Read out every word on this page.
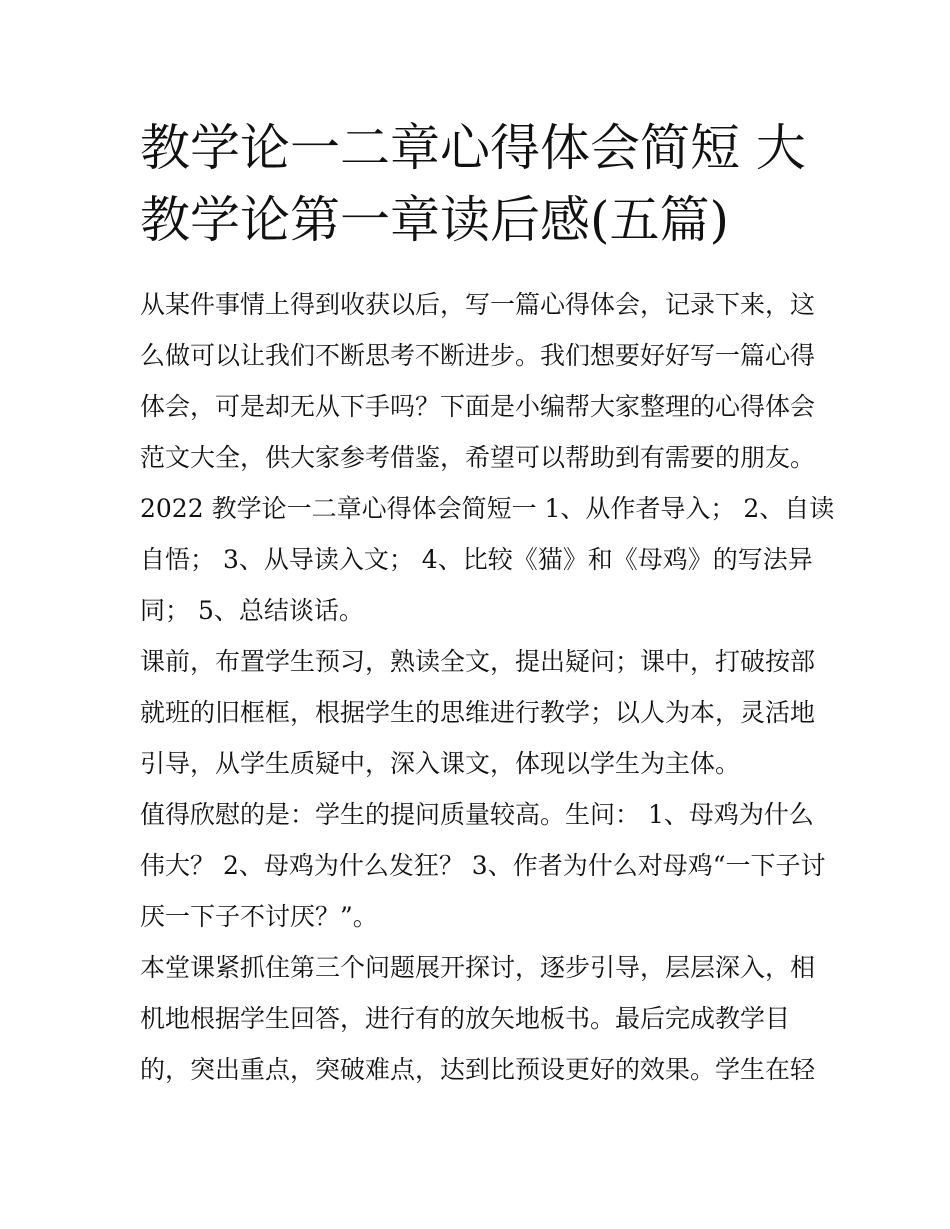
教学论一二章心得体会简短 大
教学论第一章读后感(五篇)
从某件事情上得到收获以后，写一篇心得体会，记录下来，这
么做可以让我们不断思考不断进步。我们想要好好写一篇心得
体会，可是却无从下手吗？下面是小编帮大家整理的心得体会
范文大全，供大家参考借鉴，希望可以帮助到有需要的朋友。
2022 教学论一二章心得体会简短一 1、从作者导入； 2、自读
自悟； 3、从导读入文； 4、比较《猫》和《母鸡》的写法异
同； 5、总结谈话。
课前，布置学生预习，熟读全文，提出疑问；课中，打破按部
就班的旧框框，根据学生的思维进行教学；以人为本，灵活地
引导，从学生质疑中，深入课文，体现以学生为主体。
值得欣慰的是：学生的提问质量较高。生问： 1、母鸡为什么
伟大？ 2、母鸡为什么发狂？ 3、作者为什么对母鸡“一下子讨
厌一下子不讨厌？”。
本堂课紧抓住第三个问题展开探讨，逐步引导，层层深入，相
机地根据学生回答，进行有的放矢地板书。最后完成教学目
的，突出重点，突破难点，达到比预设更好的效果。学生在轻
